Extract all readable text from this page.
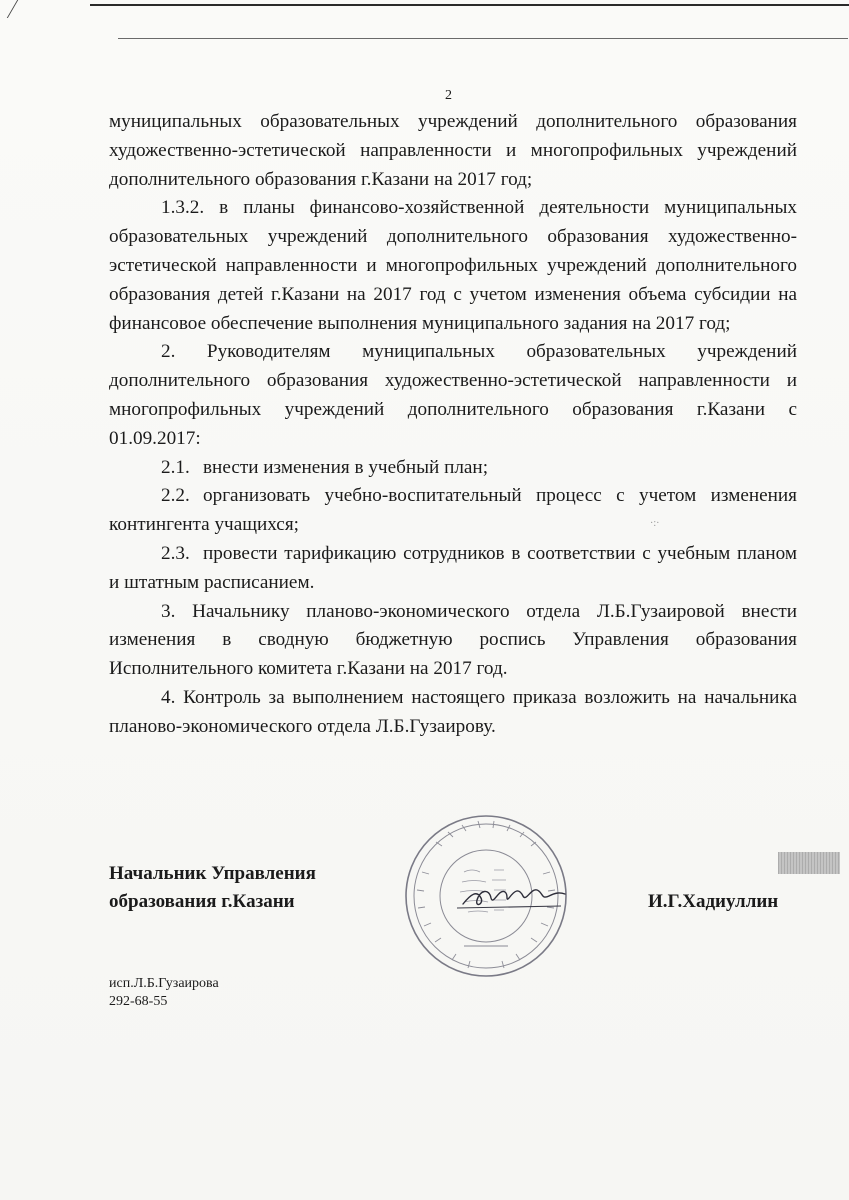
2

муниципальных образовательных учреждений дополнительного образования художественно-эстетической направленности и многопрофильных учреждений дополнительного образования г.Казани на 2017 год;

1.3.2. в планы финансово-хозяйственной деятельности муниципальных образовательных учреждений дополнительного образования художественно-эстетической направленности и многопрофильных учреждений дополнительного образования детей г.Казани на 2017 год с учетом изменения объема субсидии на финансовое обеспечение выполнения муниципального задания на 2017 год;

2. Руководителям муниципальных образовательных учреждений дополнительного образования художественно-эстетической направленности и многопрофильных учреждений дополнительного образования г.Казани с 01.09.2017:

2.1. внести изменения в учебный план;

2.2. организовать учебно-воспитательный процесс с учетом изменения контингента учащихся;

2.3. провести тарификацию сотрудников в соответствии с учебным планом и штатным расписанием.

3. Начальнику планово-экономического отдела Л.Б.Гузаировой внести изменения в сводную бюджетную роспись Управления образования Исполнительного комитета г.Казани на 2017 год.

4. Контроль за выполнением настоящего приказа возложить на начальника планово-экономического отдела Л.Б.Гузаирову.

Начальник Управления
образования г.Казани	И.Г.Хадиуллин
·:·
исп.Л.Б.Гузаирова
292-68-55
